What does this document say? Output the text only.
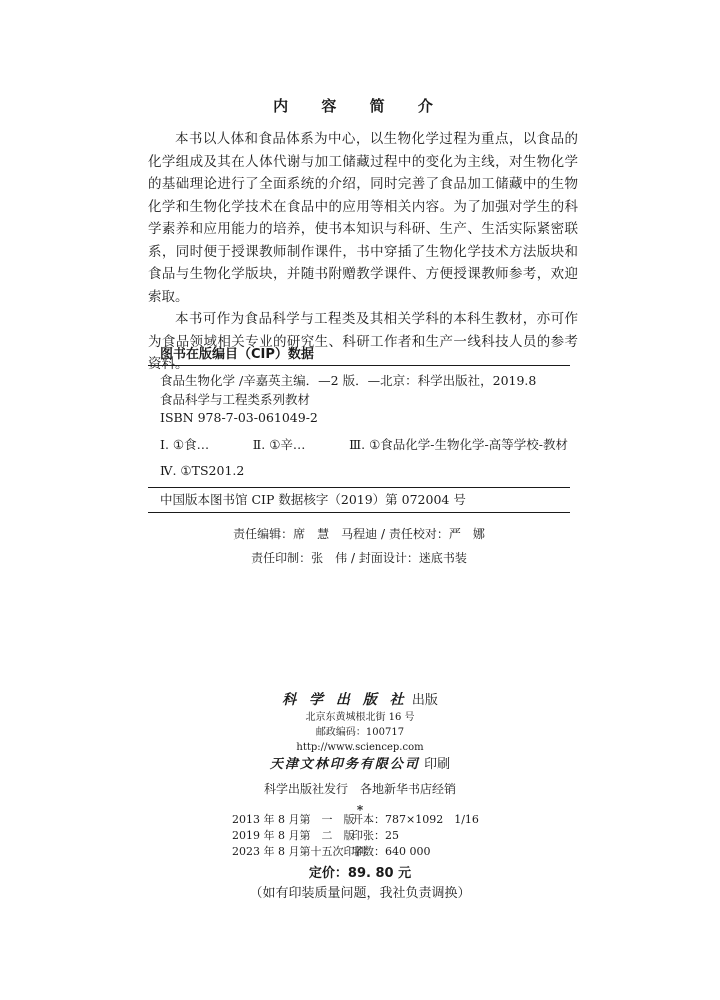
内 容 简 介

本书以人体和食品体系为中心，以生物化学过程为重点，以食品的化学组成及其在人体代谢与加工储藏过程中的变化为主线，对生物化学的基础理论进行了全面系统的介绍，同时完善了食品加工储藏中的生物化学和生物化学技术在食品中的应用等相关内容。为了加强对学生的科学素养和应用能力的培养，使书本知识与科研、生产、生活实际紧密联系，同时便于授课教师制作课件，书中穿插了生物化学技术方法版块和食品与生物化学版块，并随书附赠教学课件、方便授课教师参考，欢迎索取。

本书可作为食品科学与工程类及其相关学科的本科生教材，亦可作为食品领域相关专业的研究生、科研工作者和生产一线科技人员的参考资料。

图书在版编目（CIP）数据
食品生物化学 /辛嘉英主编．—2 版．—北京：科学出版社，2019.8
食品科学与工程类系列教材
ISBN 978-7-03-061049-2
Ⅰ. ①食…	Ⅱ. ①辛…	Ⅲ. ①食品化学-生物化学-高等学校-教材
Ⅳ. ①TS201.2
中国版本图书馆 CIP 数据核字（2019）第 072004 号
责任编辑：席　慧　马程迪 / 责任校对：严　娜
责任印制：张　伟 / 封面设计：迷底书装
科 学 出 版 社 出版
北京东黄城根北街 16 号
邮政编码：100717
http://www.sciencep.com
天津文林印务有限公司 印刷
科学出版社发行　各地新华书店经销
*
2013 年 8 月第　一　版开本：787×1092　1/16
2019 年 8 月第　二　版印张：25
2023 年 8 月第十五次印刷字数：640 000
定价：89. 80 元
（如有印装质量问题，我社负责调换）
